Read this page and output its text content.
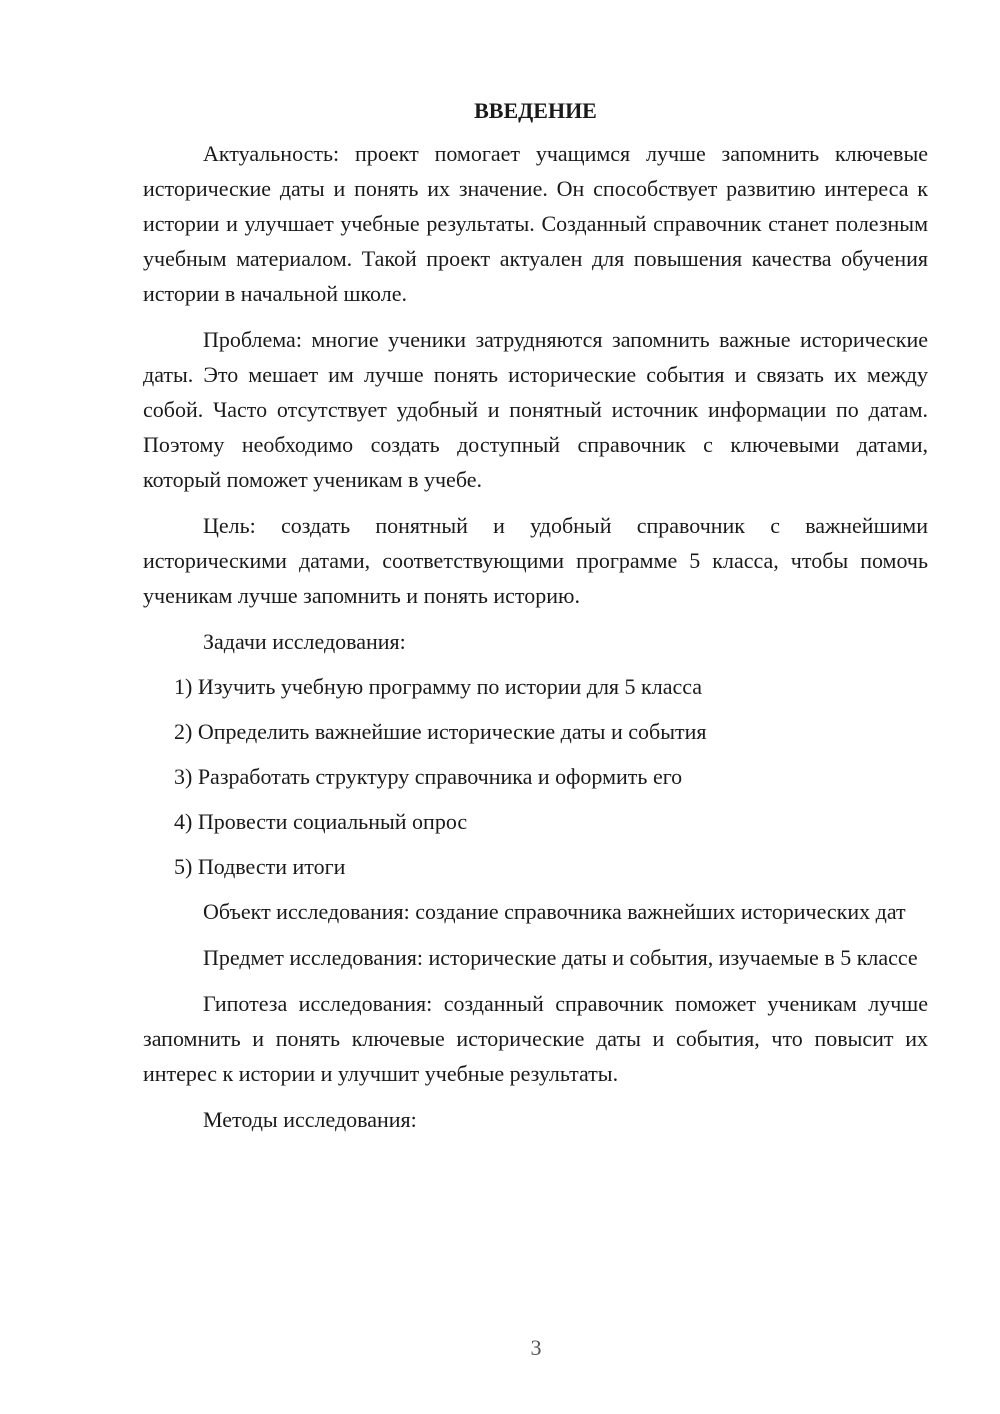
ВВЕДЕНИЕ

Актуальность: проект помогает учащимся лучше запомнить ключевые исторические даты и понять их значение. Он способствует развитию интереса к истории и улучшает учебные результаты. Созданный справочник станет полезным учебным материалом. Такой проект актуален для повышения качества обучения истории в начальной школе.

Проблема: многие ученики затрудняются запомнить важные исторические даты. Это мешает им лучше понять исторические события и связать их между собой. Часто отсутствует удобный и понятный источник информации по датам. Поэтому необходимо создать доступный справочник с ключевыми датами, который поможет ученикам в учебе.

Цель: создать понятный и удобный справочник с важнейшими историческими датами, соответствующими программе 5 класса, чтобы помочь ученикам лучше запомнить и понять историю.

Задачи исследования:

1) Изучить учебную программу по истории для 5 класса
2) Определить важнейшие исторические даты и события
3) Разработать структуру справочника и оформить его
4) Провести социальный опрос
5) Подвести итоги

Объект исследования: создание справочника важнейших исторических дат

Предмет исследования: исторические даты и события, изучаемые в 5 классе

Гипотеза исследования: созданный справочник поможет ученикам лучше запомнить и понять ключевые исторические даты и события, что повысит их интерес к истории и улучшит учебные результаты.

Методы исследования:

3
